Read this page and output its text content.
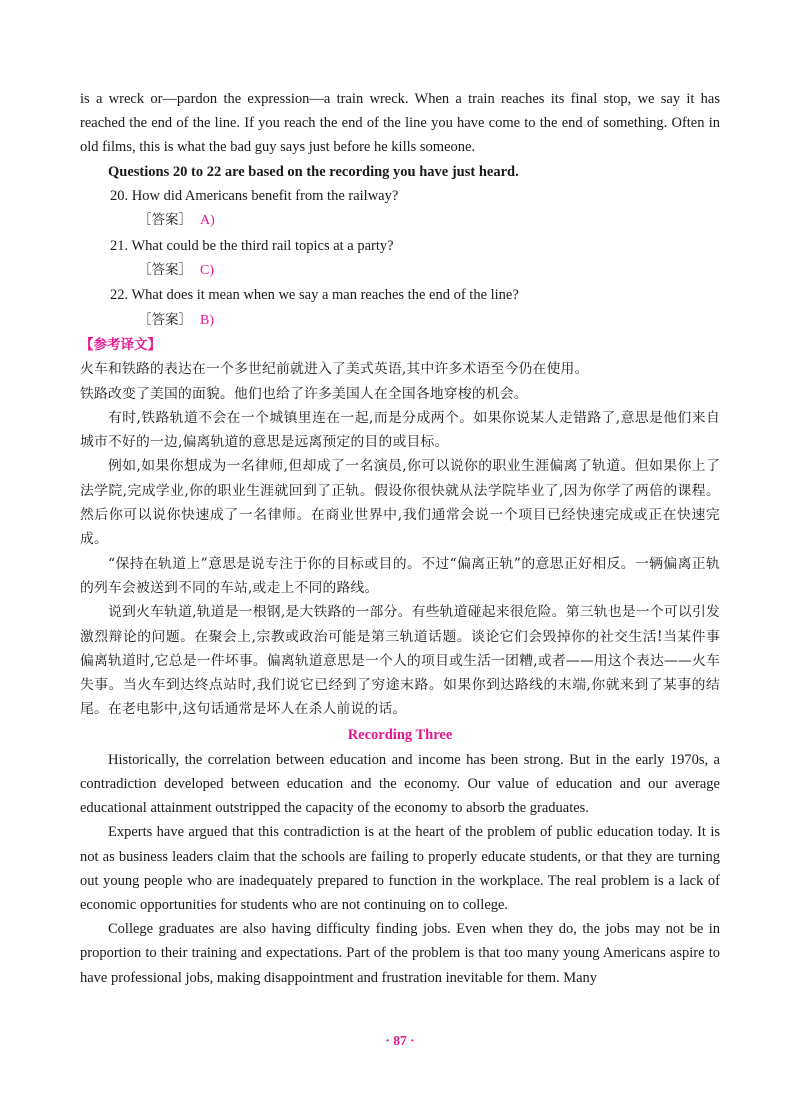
is a wreck or—pardon the expression—a train wreck. When a train reaches its final stop, we say it has reached the end of the line. If you reach the end of the line you have come to the end of something. Often in old films, this is what the bad guy says just before he kills someone.

Questions 20 to 22 are based on the recording you have just heard.

20. How did Americans benefit from the railway?

［答案］ A)

21. What could be the third rail topics at a party?

［答案］ C)

22. What does it mean when we say a man reaches the end of the line?

［答案］ B)

【参考译文】

火车和铁路的表达在一个多世纪前就进入了美式英语,其中许多术语至今仍在使用。

铁路改变了美国的面貌。他们也给了许多美国人在全国各地穿梭的机会。

有时,铁路轨道不会在一个城镇里连在一起,而是分成两个。如果你说某人走错路了,意思是他们来自城市不好的一边,偏离轨道的意思是远离预定的目的或目标。

例如,如果你想成为一名律师,但却成了一名演员,你可以说你的职业生涯偏离了轨道。但如果你上了法学院,完成学业,你的职业生涯就回到了正轨。假设你很快就从法学院毕业了,因为你学了两倍的课程。然后你可以说你快速成了一名律师。在商业世界中,我们通常会说一个项目已经快速完成或正在快速完成。

“保持在轨道上”意思是说专注于你的目标或目的。不过“偏离正轨”的意思正好相反。一辆偏离正轨的列车会被送到不同的车站,或走上不同的路线。

说到火车轨道,轨道是一根钢,是大铁路的一部分。有些轨道碰起来很危险。第三轨也是一个可以引发激烈辩论的问题。在聚会上,宗教或政治可能是第三轨道话题。谈论它们会毁掉你的社交生活!当某件事偏离轨道时,它总是一件坏事。偏离轨道意思是一个人的项目或生活一团糟,或者——用这个表达——火车失事。当火车到达终点站时,我们说它已经到了穷途末路。如果你到达路线的末端,你就来到了某事的结尾。在老电影中,这句话通常是坏人在杀人前说的话。

Recording Three

Historically, the correlation between education and income has been strong. But in the early 1970s, a contradiction developed between education and the economy. Our value of education and our average educational attainment outstripped the capacity of the economy to absorb the graduates.

Experts have argued that this contradiction is at the heart of the problem of public education today. It is not as business leaders claim that the schools are failing to properly educate students, or that they are turning out young people who are inadequately prepared to function in the workplace. The real problem is a lack of economic opportunities for students who are not continuing on to college.

College graduates are also having difficulty finding jobs. Even when they do, the jobs may not be in proportion to their training and expectations. Part of the problem is that too many young Americans aspire to have professional jobs, making disappointment and frustration inevitable for them. Many

· 87 ·
